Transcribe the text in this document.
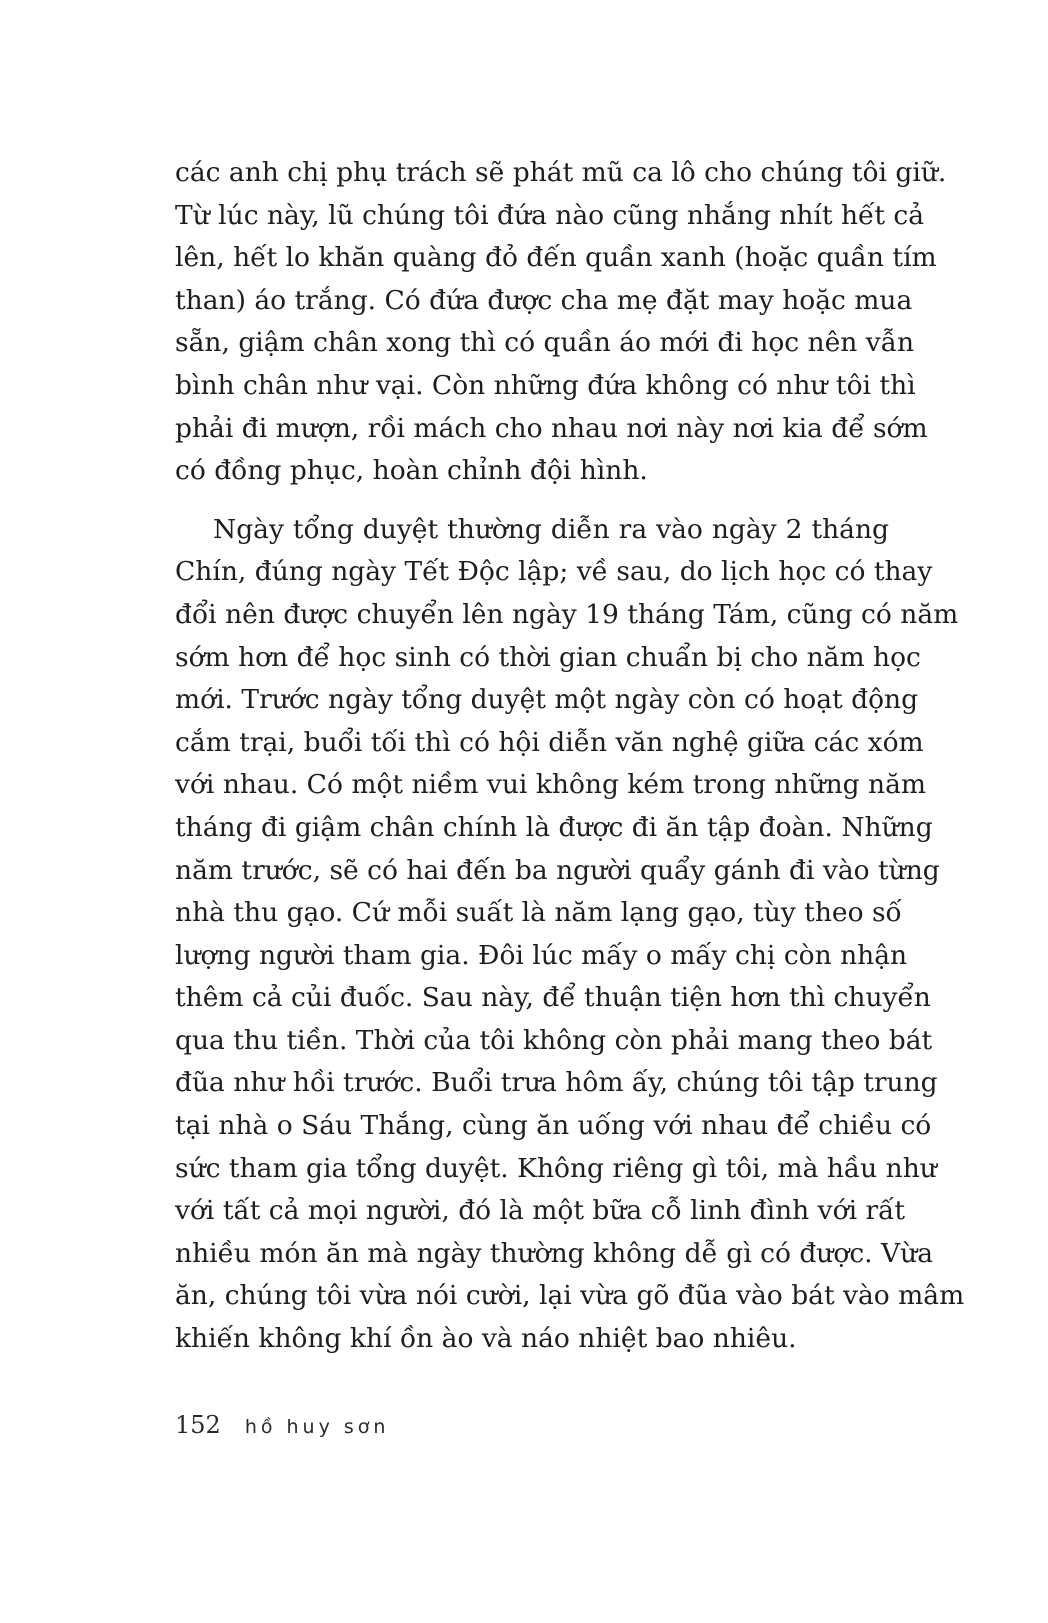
các anh chị phụ trách sẽ phát mũ ca lô cho chúng tôi giữ.
Từ lúc này, lũ chúng tôi đứa nào cũng nhắng nhít hết cả
lên, hết lo khăn quàng đỏ đến quần xanh (hoặc quần tím
than) áo trắng. Có đứa được cha mẹ đặt may hoặc mua
sẵn, giậm chân xong thì có quần áo mới đi học nên vẫn
bình chân như vại. Còn những đứa không có như tôi thì
phải đi mượn, rồi mách cho nhau nơi này nơi kia để sớm
có đồng phục, hoàn chỉnh đội hình.

Ngày tổng duyệt thường diễn ra vào ngày 2 tháng
Chín, đúng ngày Tết Độc lập; về sau, do lịch học có thay
đổi nên được chuyển lên ngày 19 tháng Tám, cũng có năm
sớm hơn để học sinh có thời gian chuẩn bị cho năm học
mới. Trước ngày tổng duyệt một ngày còn có hoạt động
cắm trại, buổi tối thì có hội diễn văn nghệ giữa các xóm
với nhau. Có một niềm vui không kém trong những năm
tháng đi giậm chân chính là được đi ăn tập đoàn. Những
năm trước, sẽ có hai đến ba người quẩy gánh đi vào từng
nhà thu gạo. Cứ mỗi suất là năm lạng gạo, tùy theo số
lượng người tham gia. Đôi lúc mấy o mấy chị còn nhận
thêm cả củi đuốc. Sau này, để thuận tiện hơn thì chuyển
qua thu tiền. Thời của tôi không còn phải mang theo bát
đũa như hồi trước. Buổi trưa hôm ấy, chúng tôi tập trung
tại nhà o Sáu Thắng, cùng ăn uống với nhau để chiều có
sức tham gia tổng duyệt. Không riêng gì tôi, mà hầu như
với tất cả mọi người, đó là một bữa cỗ linh đình với rất
nhiều món ăn mà ngày thường không dễ gì có được. Vừa
ăn, chúng tôi vừa nói cười, lại vừa gõ đũa vào bát vào mâm
khiến không khí ồn ào và náo nhiệt bao nhiêu.

152 hồ huy sơn
